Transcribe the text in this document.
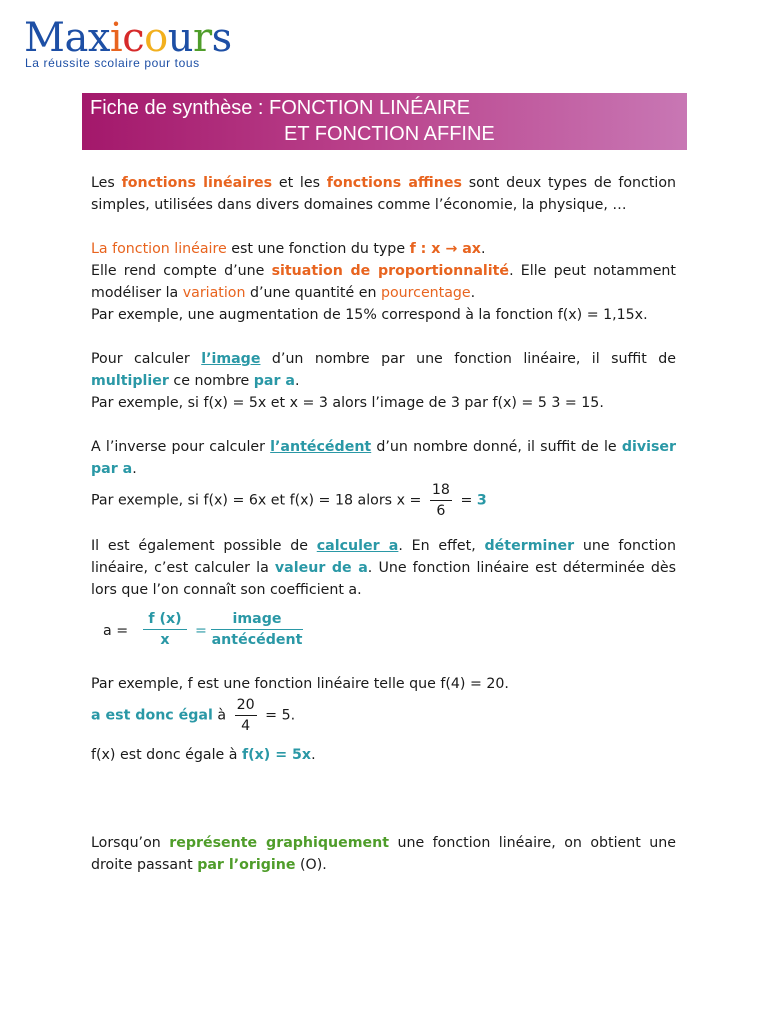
Maxicours
La réussite scolaire pour tous
Fiche de synthèse : FONCTION LINÉAIRE
ET FONCTION AFFINE

Les fonctions linéaires et les fonctions affines sont deux types de fonction simples, utilisées dans divers domaines comme l’économie, la physique, …

La fonction linéaire est une fonction du type f : x → ax.
Elle rend compte d’une situation de proportionnalité. Elle peut notamment modéliser la variation d’une quantité en pourcentage.
Par exemple, une augmentation de 15% correspond à la fonction f(x) = 1,15x.

Pour calculer l’image d’un nombre par une fonction linéaire, il suffit de multiplier ce nombre par a.
Par exemple, si f(x) = 5x et x = 3 alors l’image de 3 par f(x) = 5 3 = 15.

A l’inverse pour calculer l’antécédent d’un nombre donné, il suffit de le diviser par a.
Par exemple, si f(x) = 6x et f(x) = 18 alors $x = \frac{18}{6} = 3$

Il est également possible de calculer a. En effet, déterminer une fonction linéaire, c’est calculer la valeur de a. Une fonction linéaire est déterminée dès lors que l’on connaît son coefficient a.

$a = \frac{f (x)}{x}$ =
image
antécédent

Par exemple, f est une fonction linéaire telle que f(4) = 20.
a est donc égal à $\frac{20}{4} = 5$.

f(x) est donc égale à f(x) = 5x.

Lorsqu’on représente graphiquement une fonction linéaire, on obtient une droite passant par l’origine (O).
